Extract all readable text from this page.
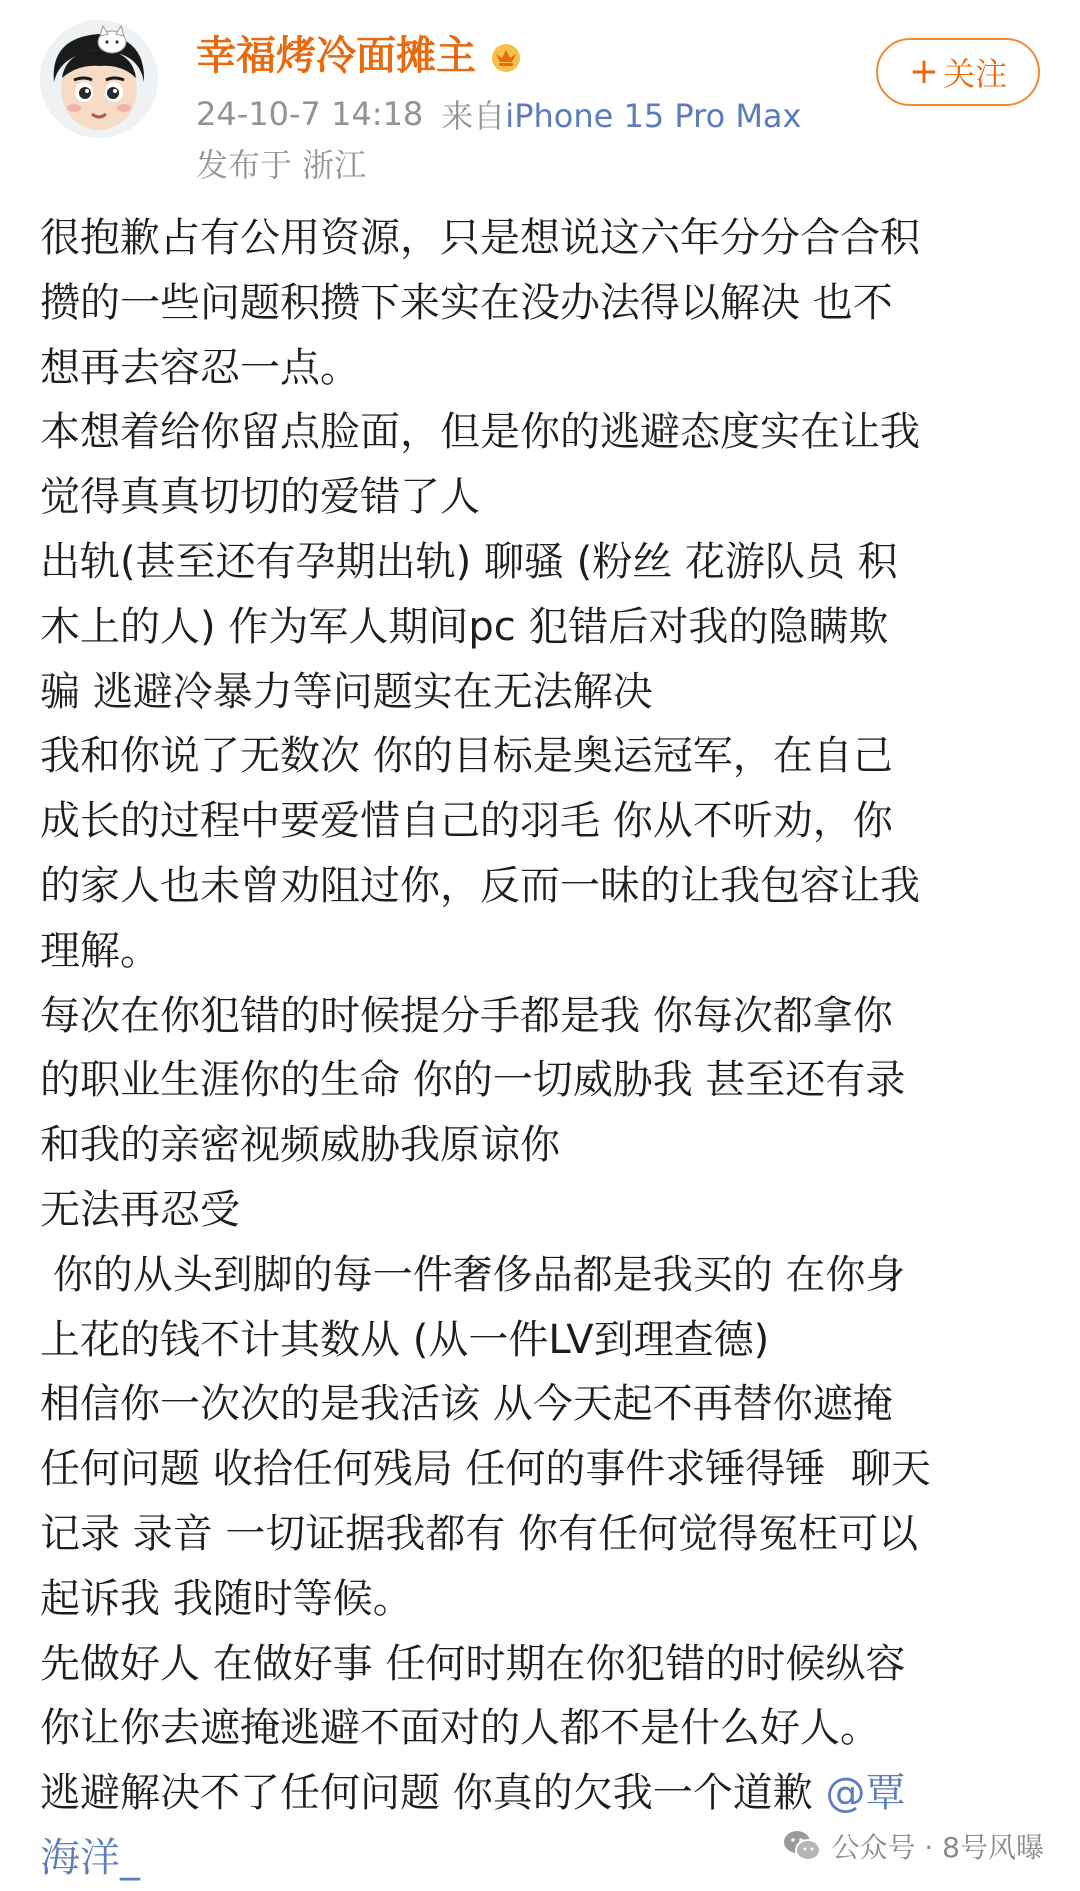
幸福烤冷面摊主
24-10-7 14:18 来自iPhone 15 Pro Max
发布于 浙江
+ 关注
很抱歉占有公用资源，只是想说这六年分分合合积
攒的一些问题积攒下来实在没办法得以解决 也不
想再去容忍一点。
本想着给你留点脸面，但是你的逃避态度实在让我
觉得真真切切的爱错了人
出轨(甚至还有孕期出轨) 聊骚 (粉丝 花游队员 积
木上的人) 作为军人期间pc 犯错后对我的隐瞒欺
骗 逃避冷暴力等问题实在无法解决
我和你说了无数次 你的目标是奥运冠军，在自己
成长的过程中要爱惜自己的羽毛 你从不听劝，你
的家人也未曾劝阻过你，反而一昧的让我包容让我
理解。
每次在你犯错的时候提分手都是我 你每次都拿你
的职业生涯你的生命 你的一切威胁我 甚至还有录
和我的亲密视频威胁我原谅你
无法再忍受
你的从头到脚的每一件奢侈品都是我买的 在你身
上花的钱不计其数从 (从一件LV到理查德)
相信你一次次的是我活该 从今天起不再替你遮掩
任何问题 收拾任何残局 任何的事件求锤得锤  聊天
记录 录音 一切证据我都有 你有任何觉得冤枉可以
起诉我 我随时等候。
先做好人 在做好事 任何时期在你犯错的时候纵容
你让你去遮掩逃避不面对的人都不是什么好人。
逃避解决不了任何问题 你真的欠我一个道歉 @覃
海洋_	公众号 · 8号风曝
